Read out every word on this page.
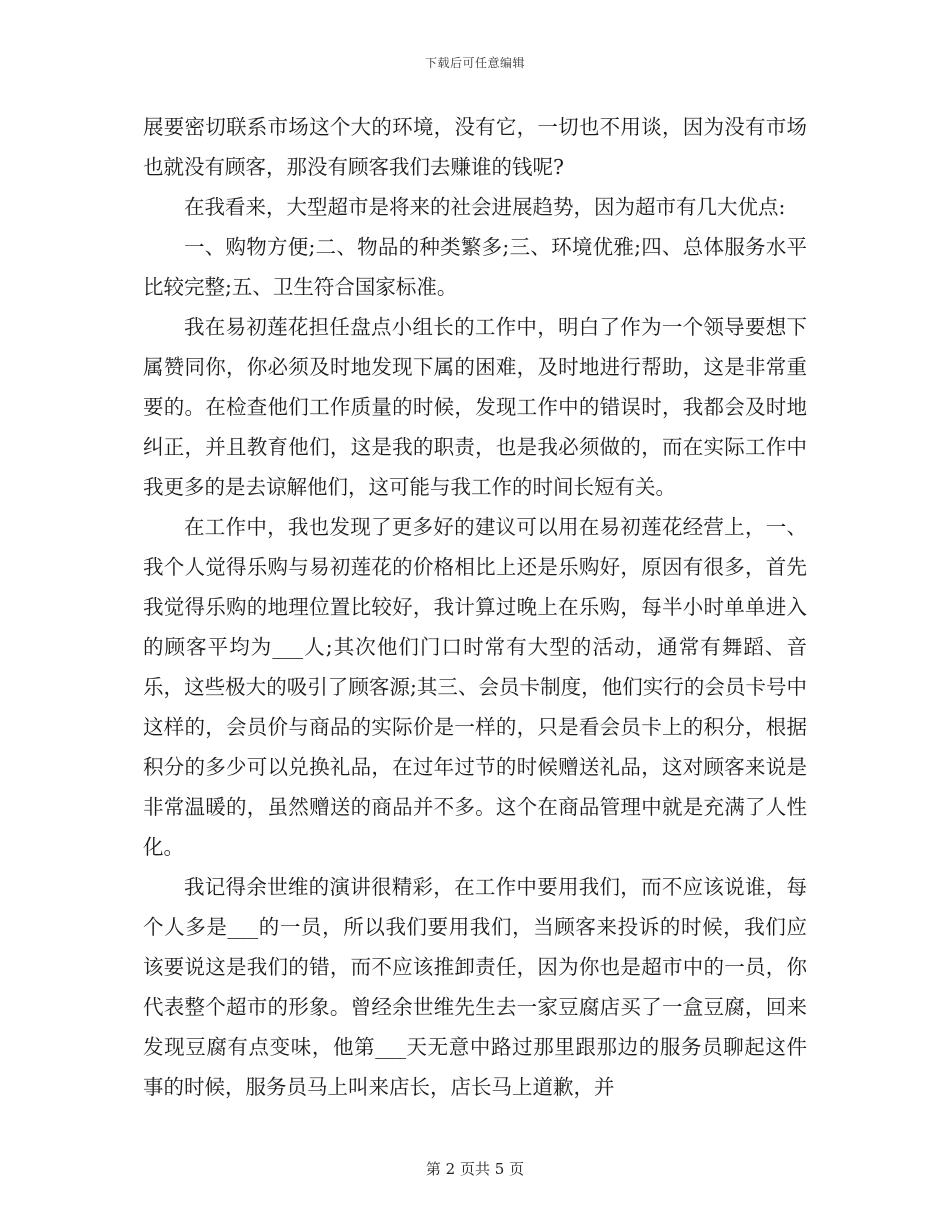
下载后可任意编辑

展要密切联系市场这个大的环境，没有它，一切也不用谈，因为没有市场也就没有顾客，那没有顾客我们去赚谁的钱呢?

在我看来，大型超市是将来的社会进展趋势，因为超市有几大优点:

一、购物方便;二、物品的种类繁多;三、环境优雅;四、总体服务水平比较完整;五、卫生符合国家标准。

我在易初莲花担任盘点小组长的工作中，明白了作为一个领导要想下属赞同你，你必须及时地发现下属的困难，及时地进行帮助，这是非常重要的。在检查他们工作质量的时候，发现工作中的错误时，我都会及时地纠正，并且教育他们，这是我的职责，也是我必须做的，而在实际工作中我更多的是去谅解他们，这可能与我工作的时间长短有关。

在工作中，我也发现了更多好的建议可以用在易初莲花经营上，一、我个人觉得乐购与易初莲花的价格相比上还是乐购好，原因有很多，首先我觉得乐购的地理位置比较好，我计算过晚上在乐购，每半小时单单进入的顾客平均为___人;其次他们门口时常有大型的活动，通常有舞蹈、音乐，这些极大的吸引了顾客源;其三、会员卡制度，他们实行的会员卡号中这样的，会员价与商品的实际价是一样的，只是看会员卡上的积分，根据积分的多少可以兑换礼品，在过年过节的时候赠送礼品，这对顾客来说是非常温暖的，虽然赠送的商品并不多。这个在商品管理中就是充满了人性化。

我记得余世维的演讲很精彩，在工作中要用我们，而不应该说谁，每个人多是___的一员，所以我们要用我们，当顾客来投诉的时候，我们应该要说这是我们的错，而不应该推卸责任，因为你也是超市中的一员，你代表整个超市的形象。曾经余世维先生去一家豆腐店买了一盒豆腐，回来发现豆腐有点变味，他第___天无意中路过那里跟那边的服务员聊起这件事的时候，服务员马上叫来店长，店长马上道歉，并

第 2 页共 5 页
